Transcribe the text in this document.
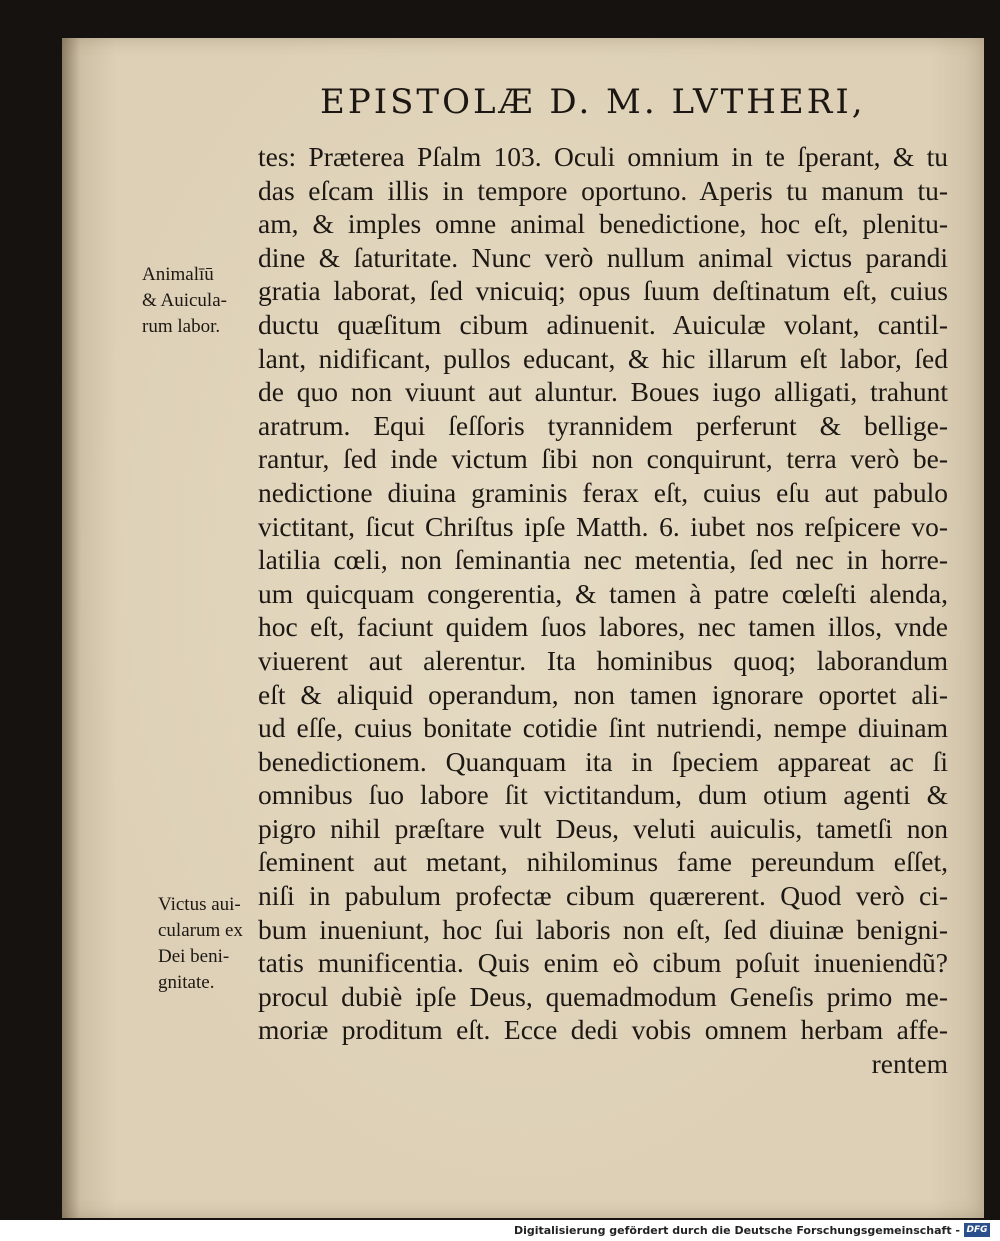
EPISTOLÆ D. M. LVTHERI,
Animalīū
& Auicula-
rum labor.
Victus aui-
cularum ex
Dei beni-
gnitate.
tes: Præterea Pſalm 103. Oculi omnium in te ſperant, & tu
das eſcam illis in tempore oportuno. Aperis tu manum tu-
am, & imples omne animal benedictione, hoc eſt, plenitu-
dine & ſaturitate. Nunc verò nullum animal victus parandi
gratia laborat, ſed vnicuiq; opus ſuum deſtinatum eſt, cuius
ductu quæſitum cibum adinuenit. Auiculæ volant, cantil-
lant, nidificant, pullos educant, & hic illarum eſt labor, ſed
de quo non viuunt aut aluntur. Boues iugo alligati, trahunt
aratrum. Equi ſeſſoris tyrannidem perferunt & bellige-
rantur, ſed inde victum ſibi non conquirunt, terra verò be-
nedictione diuina graminis ferax eſt, cuius eſu aut pabulo
victitant, ſicut Chriſtus ipſe Matth. 6. iubet nos reſpicere vo-
latilia cœli, non ſeminantia nec metentia, ſed nec in horre-
um quicquam congerentia, & tamen à patre cœleſti alenda,
hoc eſt, faciunt quidem ſuos labores, nec tamen illos, vnde
viuerent aut alerentur. Ita hominibus quoq; laborandum
eſt & aliquid operandum, non tamen ignorare oportet ali-
ud eſſe, cuius bonitate cotidie ſint nutriendi, nempe diuinam
benedictionem. Quanquam ita in ſpeciem appareat ac ſi
omnibus ſuo labore ſit victitandum, dum otium agenti &
pigro nihil præſtare vult Deus, veluti auiculis, tametſi non
ſeminent aut metant, nihilominus fame pereundum eſſet,
niſi in pabulum profectæ cibum quærerent. Quod verò ci-
bum inueniunt, hoc ſui laboris non eſt, ſed diuinæ benigni-
tatis munificentia. Quis enim eò cibum poſuit inueniendũ?
procul dubiè ipſe Deus, quemadmodum Geneſis primo me-
moriæ proditum eſt. Ecce dedi vobis omnem herbam affe-
rentem
Digitalisierung gefördert durch die Deutsche Forschungsgemeinschaft - DFG
